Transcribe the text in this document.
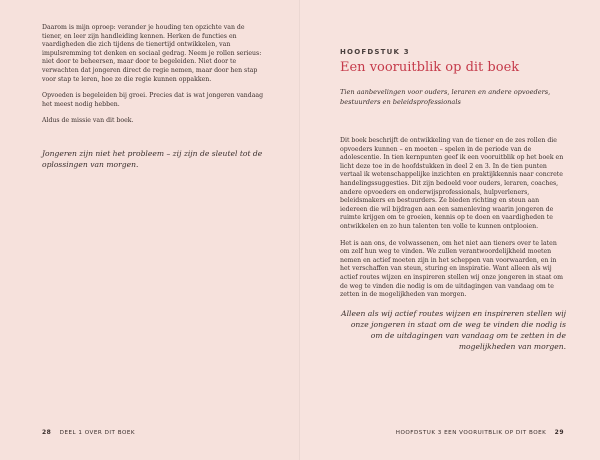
Daarom is mijn oproep: verander je houding ten opzichte van de tiener, en leer zijn handleiding kennen. Herken de functies en vaardigheden die zich tijdens de tienertijd ontwikkelen, van impulsremming tot denken en sociaal gedrag. Neem je rollen serieus: niet door te beheersen, maar door te begeleiden. Niet door te verwachten dat jongeren direct de regie nemen, maar door hen stap voor stap te leren, hoe ze die regie kunnen oppakken.

Opvoeden is begeleiden bij groei. Precies dat is wat jongeren vandaag het meest nodig hebben.

Aldus de missie van dit boek.

Jongeren zijn niet het probleem – zij zijn de sleutel tot de oplossingen van morgen.
28 DEEL 1 OVER DIT BOEK
HOOFDSTUK 3
Een vooruitblik op dit boek
Tien aanbevelingen voor ouders, leraren en andere opvoeders, bestuurders en beleidsprofessionals

Dit boek beschrijft de ontwikkeling van de tiener en de zes rollen die opvoeders kunnen – en moeten – spelen in de periode van de adolescentie. In tien kernpunten geef ik een vooruitblik op het boek en licht deze toe in de hoofdstukken in deel 2 en 3. In de tien punten vertaal ik wetenschappelijke inzichten en praktijkkennis naar concrete handelingssuggesties. Dit zijn bedoeld voor ouders, leraren, coaches, andere opvoeders en onderwijsprofessionals, hulpverleners, beleidsmakers en bestuurders. Ze bieden richting en steun aan iedereen die wil bijdragen aan een samenleving waarin jongeren de ruimte krijgen om te groeien, kennis op te doen en vaardigheden te ontwikkelen en zo hun talenten ten volle te kunnen ontplooien.

Het is aan ons, de volwassenen, om het niet aan tieners over te laten om zelf hun weg te vinden. We zullen verantwoordelijkheid moeten nemen en actief moeten zijn in het scheppen van voorwaarden, en in het verschaffen van steun, sturing en inspiratie. Want alleen als wij actief routes wijzen en inspireren stellen wij onze jongeren in staat om de weg te vinden die nodig is om de uitdagingen van vandaag om te zetten in de mogelijkheden van morgen.

Alleen als wij actief routes wijzen en inspireren stellen wij onze jongeren in staat om de weg te vinden die nodig is om de uitdagingen van vandaag om te zetten in de mogelijkheden van morgen.
HOOFDSTUK 3 EEN VOORUITBLIK OP DIT BOEK 29
